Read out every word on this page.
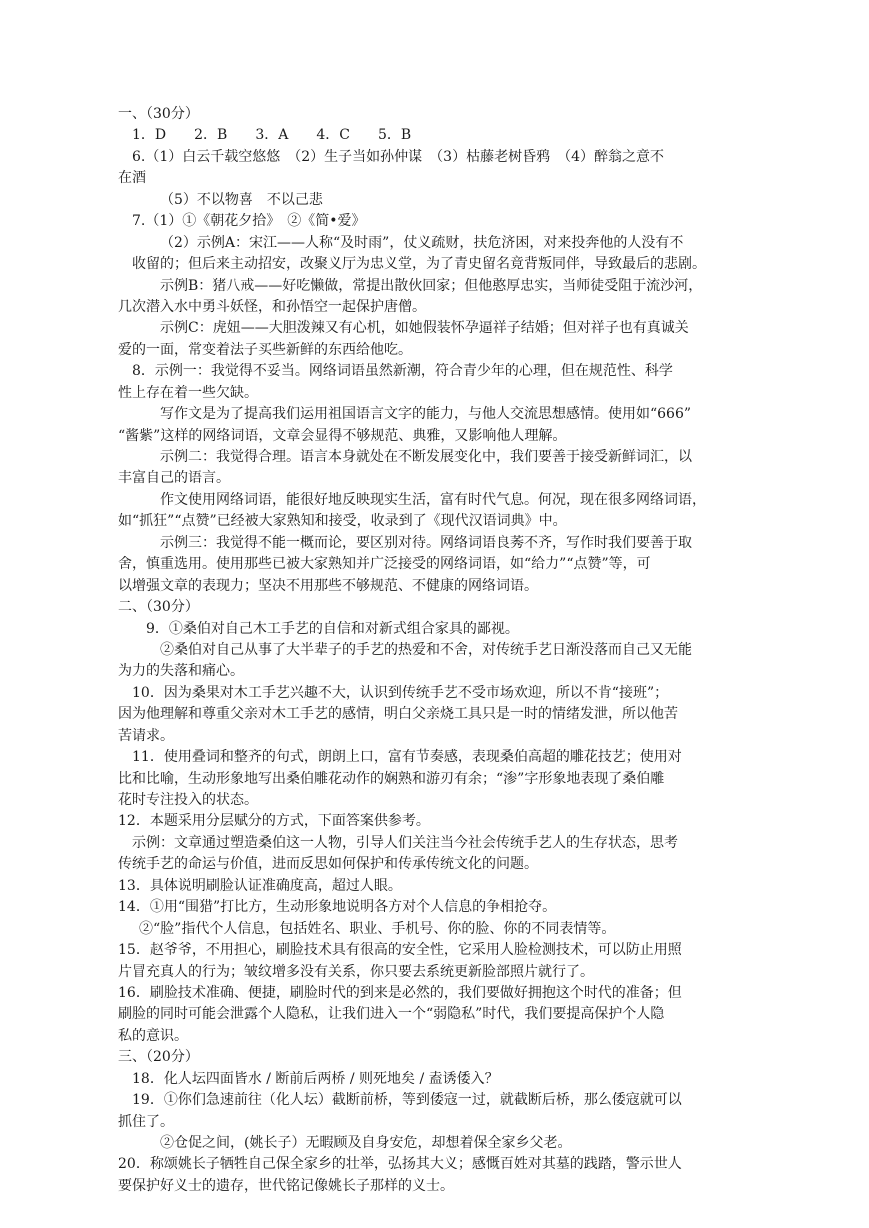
一、（30分）
1．D　　2．B　　3．A　　4．C　　5．B
6.（1）白云千载空悠悠　（2）生子当如孙仲谋　（3）枯藤老树昏鸦　（4）醉翁之意不
在酒
（5）不以物喜　不以己悲
7.（1）①《朝花夕拾》　②《简•爱》
（2）示例A：宋江——人称“及时雨”，仗义疏财，扶危济困，对来投奔他的人没有不
收留的；但后来主动招安，改聚义厅为忠义堂，为了青史留名竟背叛同伴，导致最后的悲剧。
示例B：猪八戒——好吃懒做，常提出散伙回家；但他憨厚忠实，当师徒受阻于流沙河，
几次潜入水中勇斗妖怪，和孙悟空一起保护唐僧。
示例C：虎妞——大胆泼辣又有心机，如她假装怀孕逼祥子结婚；但对祥子也有真诚关
爱的一面，常变着法子买些新鲜的东西给他吃。
8．示例一：我觉得不妥当。网络词语虽然新潮，符合青少年的心理，但在规范性、科学
性上存在着一些欠缺。
写作文是为了提高我们运用祖国语言文字的能力，与他人交流思想感情。使用如“666”
“酱紫”这样的网络词语，文章会显得不够规范、典雅，又影响他人理解。
示例二：我觉得合理。语言本身就处在不断发展变化中，我们要善于接受新鲜词汇，以
丰富自己的语言。
作文使用网络词语，能很好地反映现实生活，富有时代气息。何况，现在很多网络词语，
如“抓狂”“点赞”已经被大家熟知和接受，收录到了《现代汉语词典》中。
示例三：我觉得不能一概而论，要区别对待。网络词语良莠不齐，写作时我们要善于取
舍，慎重选用。使用那些已被大家熟知并广泛接受的网络词语，如“给力”“点赞”等，可
以增强文章的表现力；坚决不用那些不够规范、不健康的网络词语。
二、（30分）
9．①桑伯对自己木工手艺的自信和对新式组合家具的鄙视。
②桑伯对自己从事了大半辈子的手艺的热爱和不舍，对传统手艺日渐没落而自己又无能
为力的失落和痛心。
10．因为桑果对木工手艺兴趣不大，认识到传统手艺不受市场欢迎，所以不肯“接班”；
因为他理解和尊重父亲对木工手艺的感情，明白父亲烧工具只是一时的情绪发泄，所以他苦
苦请求。
11．使用叠词和整齐的句式，朗朗上口，富有节奏感，表现桑伯高超的雕花技艺；使用对
比和比喻，生动形象地写出桑伯雕花动作的娴熟和游刃有余；“渗”字形象地表现了桑伯雕
花时专注投入的状态。
12．本题采用分层赋分的方式，下面答案供参考。
示例：文章通过塑造桑伯这一人物，引导人们关注当今社会传统手艺人的生存状态，思考
传统手艺的命运与价值，进而反思如何保护和传承传统文化的问题。
13．具体说明刷脸认证准确度高，超过人眼。
14．①用“围猎”打比方，生动形象地说明各方对个人信息的争相抢夺。
②“脸”指代个人信息，包括姓名、职业、手机号、你的脸、你的不同表情等。
15．赵爷爷，不用担心，刷脸技术具有很高的安全性，它采用人脸检测技术，可以防止用照
片冒充真人的行为；皱纹增多没有关系，你只要去系统更新脸部照片就行了。
16．刷脸技术准确、便捷，刷脸时代的到来是必然的，我们要做好拥抱这个时代的准备；但
刷脸的同时可能会泄露个人隐私，让我们进入一个“弱隐私”时代，我们要提高保护个人隐
私的意识。
三、（20分）
18．化人坛四面皆水 / 断前后两桥 / 则死地矣 / 盍诱倭入？
19．①你们急速前往（化人坛）截断前桥，等到倭寇一过，就截断后桥，那么倭寇就可以
抓住了。
②仓促之间，(姚长子）无暇顾及自身安危，却想着保全家乡父老。
20．称颂姚长子牺牲自己保全家乡的壮举，弘扬其大义；感慨百姓对其墓的践踏，警示世人
要保护好义士的遗存，世代铭记像姚长子那样的义士。
